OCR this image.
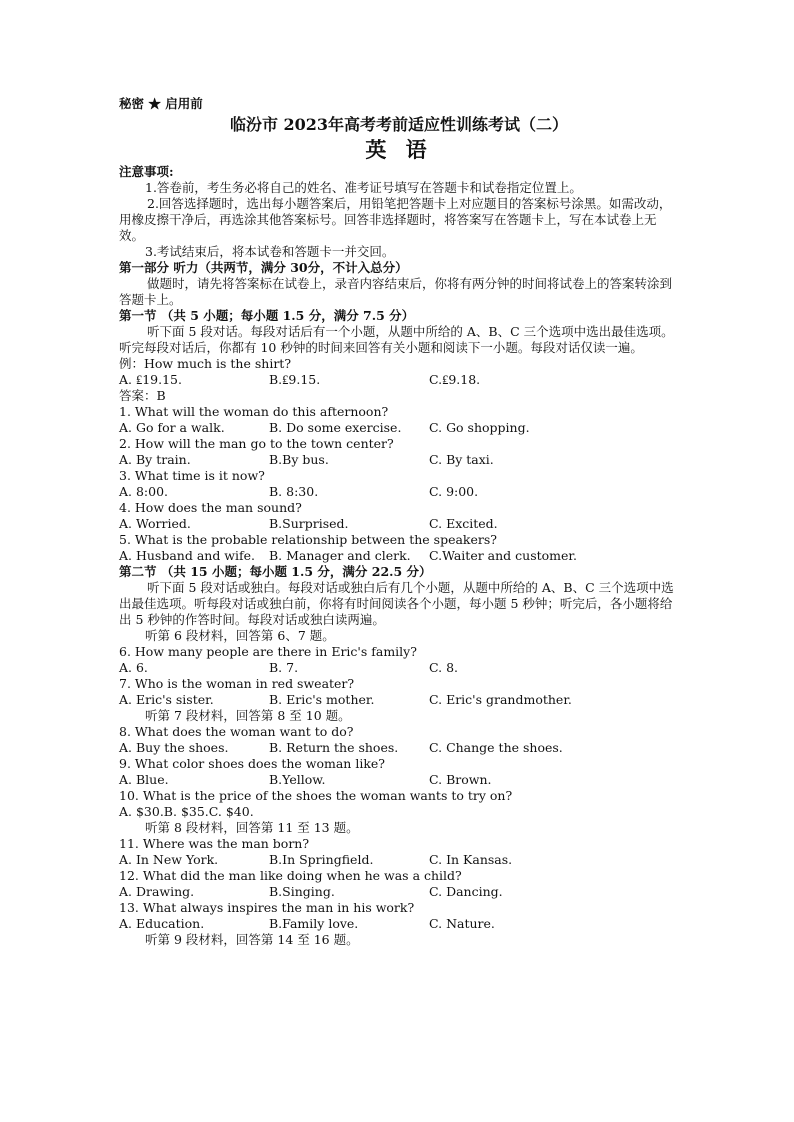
秘密 ★ 启用前

临汾市 2023年高考考前适应性训练考试（二）
英 语

注意事项:

1.答卷前，考生务必将自己的姓名、准考证号填写在答题卡和试卷指定位置上。

2.回答选择题时，选出每小题答案后，用铅笔把答题卡上对应题目的答案标号涂黑。如需改动，用橡皮擦干净后，再选涂其他答案标号。回答非选择题时，将答案写在答题卡上，写在本试卷上无效。

3.考试结束后，将本试卷和答题卡一并交回。

第一部分 听力（共两节，满分 30分，不计入总分）

做题时，请先将答案标在试卷上，录音内容结束后，你将有两分钟的时间将试卷上的答案转涂到答题卡上。

第一节 （共 5 小题；每小题 1.5 分，满分 7.5 分）

听下面 5 段对话。每段对话后有一个小题，从题中所给的 A、B、C 三个选项中选出最佳选项。听完每段对话后，你都有 10 秒钟的时间来回答有关小题和阅读下一小题。每段对话仅读一遍。

例：How much is the shirt?

A. ₤19.15.	B.₤9.15.	C.₤9.18.

答案：B

1. What will the woman do this afternoon?

A. Go for a walk.	B. Do some exercise.	C. Go shopping.

2. How will the man go to the town center?

A. By train.	B.By bus.	C. By taxi.

3. What time is it now?

A. 8:00.	B. 8:30.	C. 9:00.

4. How does the man sound?

A. Worried.	B.Surprised.	C. Excited.

5. What is the probable relationship between the speakers?

A. Husband and wife.	B. Manager and clerk.	C.Waiter and customer.

第二节 （共 15 小题；每小题 1.5 分，满分 22.5 分）

听下面 5 段对话或独白。每段对话或独白后有几个小题，从题中所给的 A、B、C 三个选项中选出最佳选项。听每段对话或独白前，你将有时间阅读各个小题，每小题 5 秒钟；听完后，各小题将给出 5 秒钟的作答时间。每段对话或独白读两遍。

听第 6 段材料，回答第 6、7 题。

6. How many people are there in Eric's family?

A. 6.	B. 7.	C. 8.

7. Who is the woman in red sweater?

A. Eric's sister.	B. Eric's mother.	C. Eric's grandmother.

听第 7 段材料，回答第 8 至 10 题。

8. What does the woman want to do?

A. Buy the shoes.	B. Return the shoes.	C. Change the shoes.

9. What color shoes does the woman like?

A. Blue.	B.Yellow.	C. Brown.

10. What is the price of the shoes the woman wants to try on?

A. $30.B. $35.C. $40.

听第 8 段材料，回答第 11 至 13 题。

11. Where was the man born?

A. In New York.	B.In Springfield.	C. In Kansas.

12. What did the man like doing when he was a child?

A. Drawing.	B.Singing.	C. Dancing.

13. What always inspires the man in his work?

A. Education.	B.Family love.	C. Nature.

听第 9 段材料，回答第 14 至 16 题。
